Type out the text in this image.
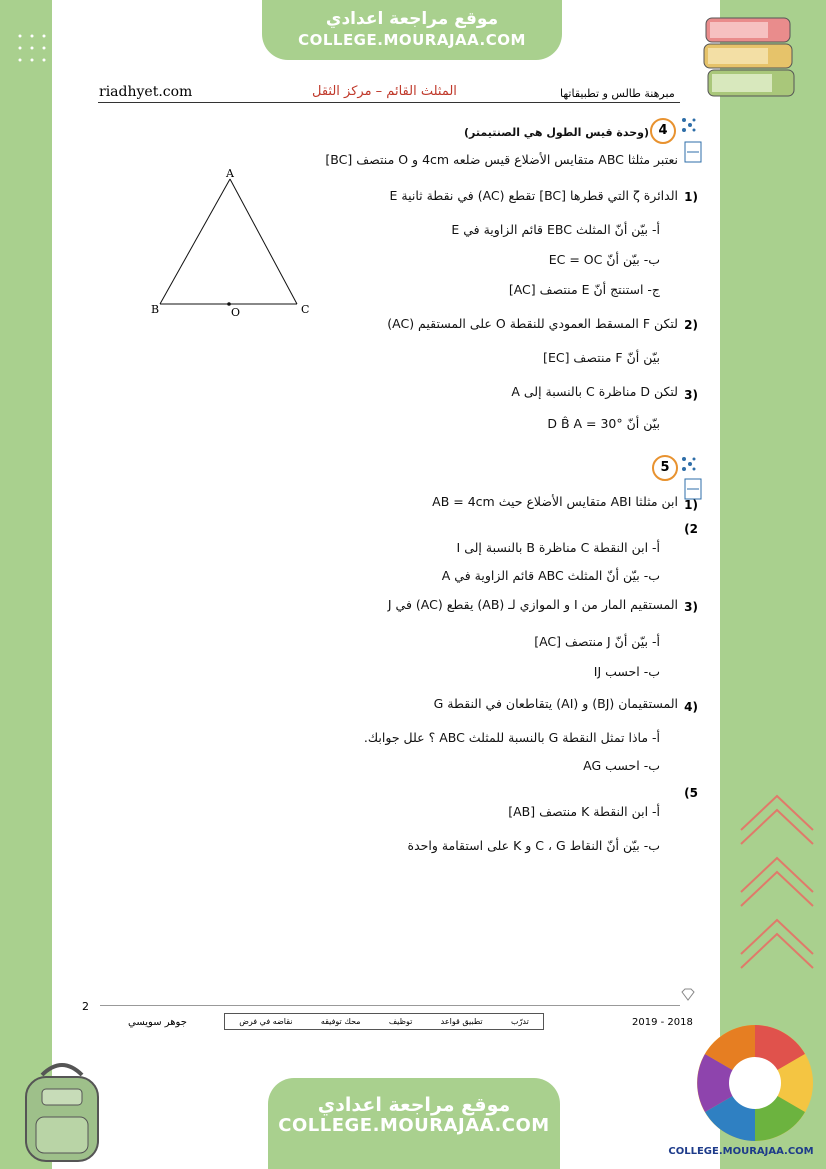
موقع مراجعة اعدادي
COLLEGE.MOURAJAA.COM
riadhyet.com	المثلث القائم – مركز الثقل	مبرهنة طالس و تطبيقاتها
4
(وحدة قيس الطول هي الصنتيمتر)
نعتبر مثلثا ABC متقايس الأضلاع قيس ضلعه 4cm و O منتصف [BC]
1)
الدائرة ζ التي قطرها [BC] تقطع (AC) في نقطة ثانية E
أ- بيّن أنّ المثلث EBC قائم الزاوية في E
ب- بيّن أنّ EC = OC
ج- استنتج أنّ E منتصف [AC]
2)
لتكن F المسقط العمودي للنقطة O على المستقيم (AC)
بيّن أنّ F منتصف [EC]
3)
لتكن D مناظرة C بالنسبة إلى A
بيّن أنّ D B̂ A = 30°
A
B	C
O
5
1)
ابن مثلثا ABI متقايس الأضلاع حيث AB = 4cm
(2
أ- ابن النقطة C مناظرة B بالنسبة إلى I
ب- بيّن أنّ المثلث ABC قائم الزاوية في A
3)
المستقيم المار من I و الموازي لـ (AB) يقطع (AC) في J
أ- بيّن أنّ J منتصف [AC]
ب- احسب IJ
4)
المستقيمان (BJ) و (AI) يتقاطعان في النقطة G
أ- ماذا تمثل النقطة G بالنسبة للمثلث ABC ؟ علل جوابك.
ب- احسب AG
(5
أ- ابن النقطة K منتصف [AB]
ب- بيّن أنّ النقاط C ، G و K على استقامة واحدة
2
جوهر سويسي	2019 - 2018
تدرّب
تطبيق قواعد
توظيف
محك توفيقه
نقاضه في فرض
موقع مراجعة اعدادي
COLLEGE.MOURAJAA.COM
COLLEGE.MOURAJAA.COM
